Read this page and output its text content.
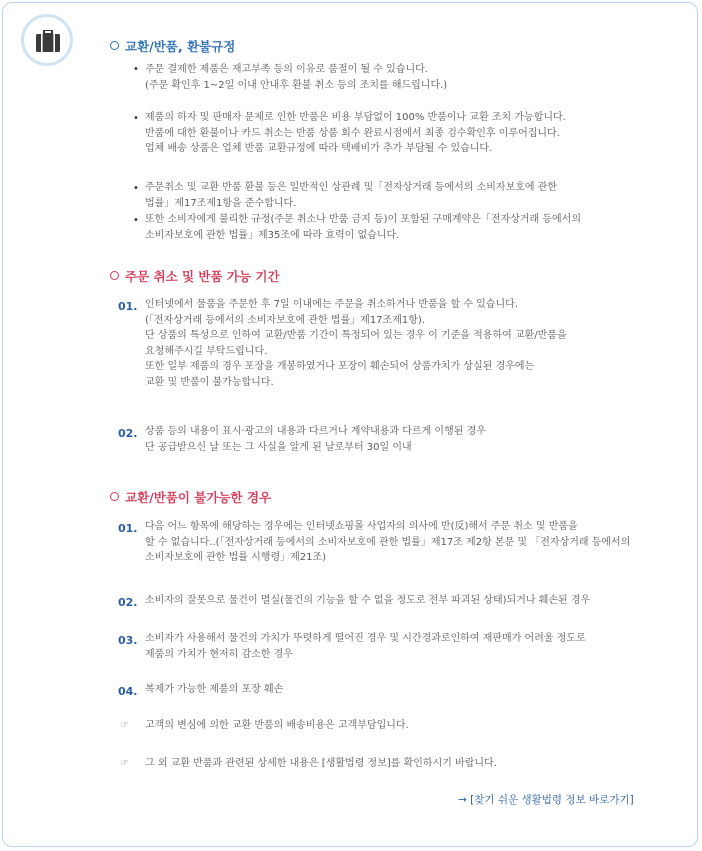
교환/반품, 환불규정
• 주문 결제한 제품은 재고부족 등의 이유로 품절이 될 수 있습니다.
(주문 확인후 1~2일 이내 안내후 환불 취소 등의 조치를 해드립니다.)
• 제품의 하자 및 판매자 문제로 인한 반품은 비용 부담없이 100% 반품이나 교환 조치 가능합니다.
반품에 대한 환불이나 카드 취소는 반품 상품 회수 완료시점에서 최종 검수확인후 이루어집니다.
업체 배송 상품은 업체 반품 교환규정에 따라 택배비가 추가 부담될 수 있습니다.
• 주문취소 및 교환 반품 환불 등은 일반적인 상관례 및「전자상거래 등에서의 소비자보호에 관한
법률」제17조제1항을 준수합니다.
• 또한 소비자에게 불리한 규정(주문 취소나 반품 금지 등)이 포함된 구매계약은「전자상거래 등에서의
소비자보호에 관한 법률」제35조에 따라 효력이 없습니다.
주문 취소 및 반품 가능 기간
01. 인터넷에서 물품을 주문한 후 7일 이내에는 주문을 취소하거나 반품을 할 수 있습니다.
(「전자상거래 등에서의 소비자보호에 관한 법률」제17조제1항).
단 상품의 특성으로 인하여 교환/반품 기간이 특정되어 있는 경우 이 기준을 적용하여 교환/반품을
요청해주시길 부탁드립니다.
또한 일부 제품의 경우 포장을 개봉하였거나 포장이 훼손되어 상품가치가 상실된 경우에는
교환 및 반품이 불가능합니다.
02. 상품 등의 내용이 표시·광고의 내용과 다르거나 계약내용과 다르게 이행된 경우
단 공급받으신 날 또는 그 사실을 알게 된 날로부터 30일 이내
교환/반품이 불가능한 경우
01. 다음 어느 항목에 해당하는 경우에는 인터넷쇼핑몰 사업자의 의사에 반(反)해서 주문 취소 및 반품을
할 수 없습니다..(「전자상거래 등에서의 소비자보호에 관한 법률」제17조 제2항 본문 및 「전자상거래 등에서의
소비자보호에 관한 법률 시행령」제21조)
02. 소비자의 잘못으로 물건이 멸실(물건의 기능을 할 수 없을 정도로 전부 파괴된 상태)되거나 훼손된 경우
03. 소비자가 사용해서 물건의 가치가 뚜렷하게 떨어진 경우 및 시간경과로인하여 재판매가 어려울 정도로
제품의 가치가 현저히 감소한 경우
04. 복제가 가능한 제품의 포장 훼손
☞ 고객의 변심에 의한 교환 반품의 배송비용은 고객부담입니다.
☞ 그 외 교환 반품과 관련된 상세한 내용은 [생활법령 정보]를 확인하시기 바랍니다.
→ [찾기 쉬운 생활법령 정보 바로가기]
